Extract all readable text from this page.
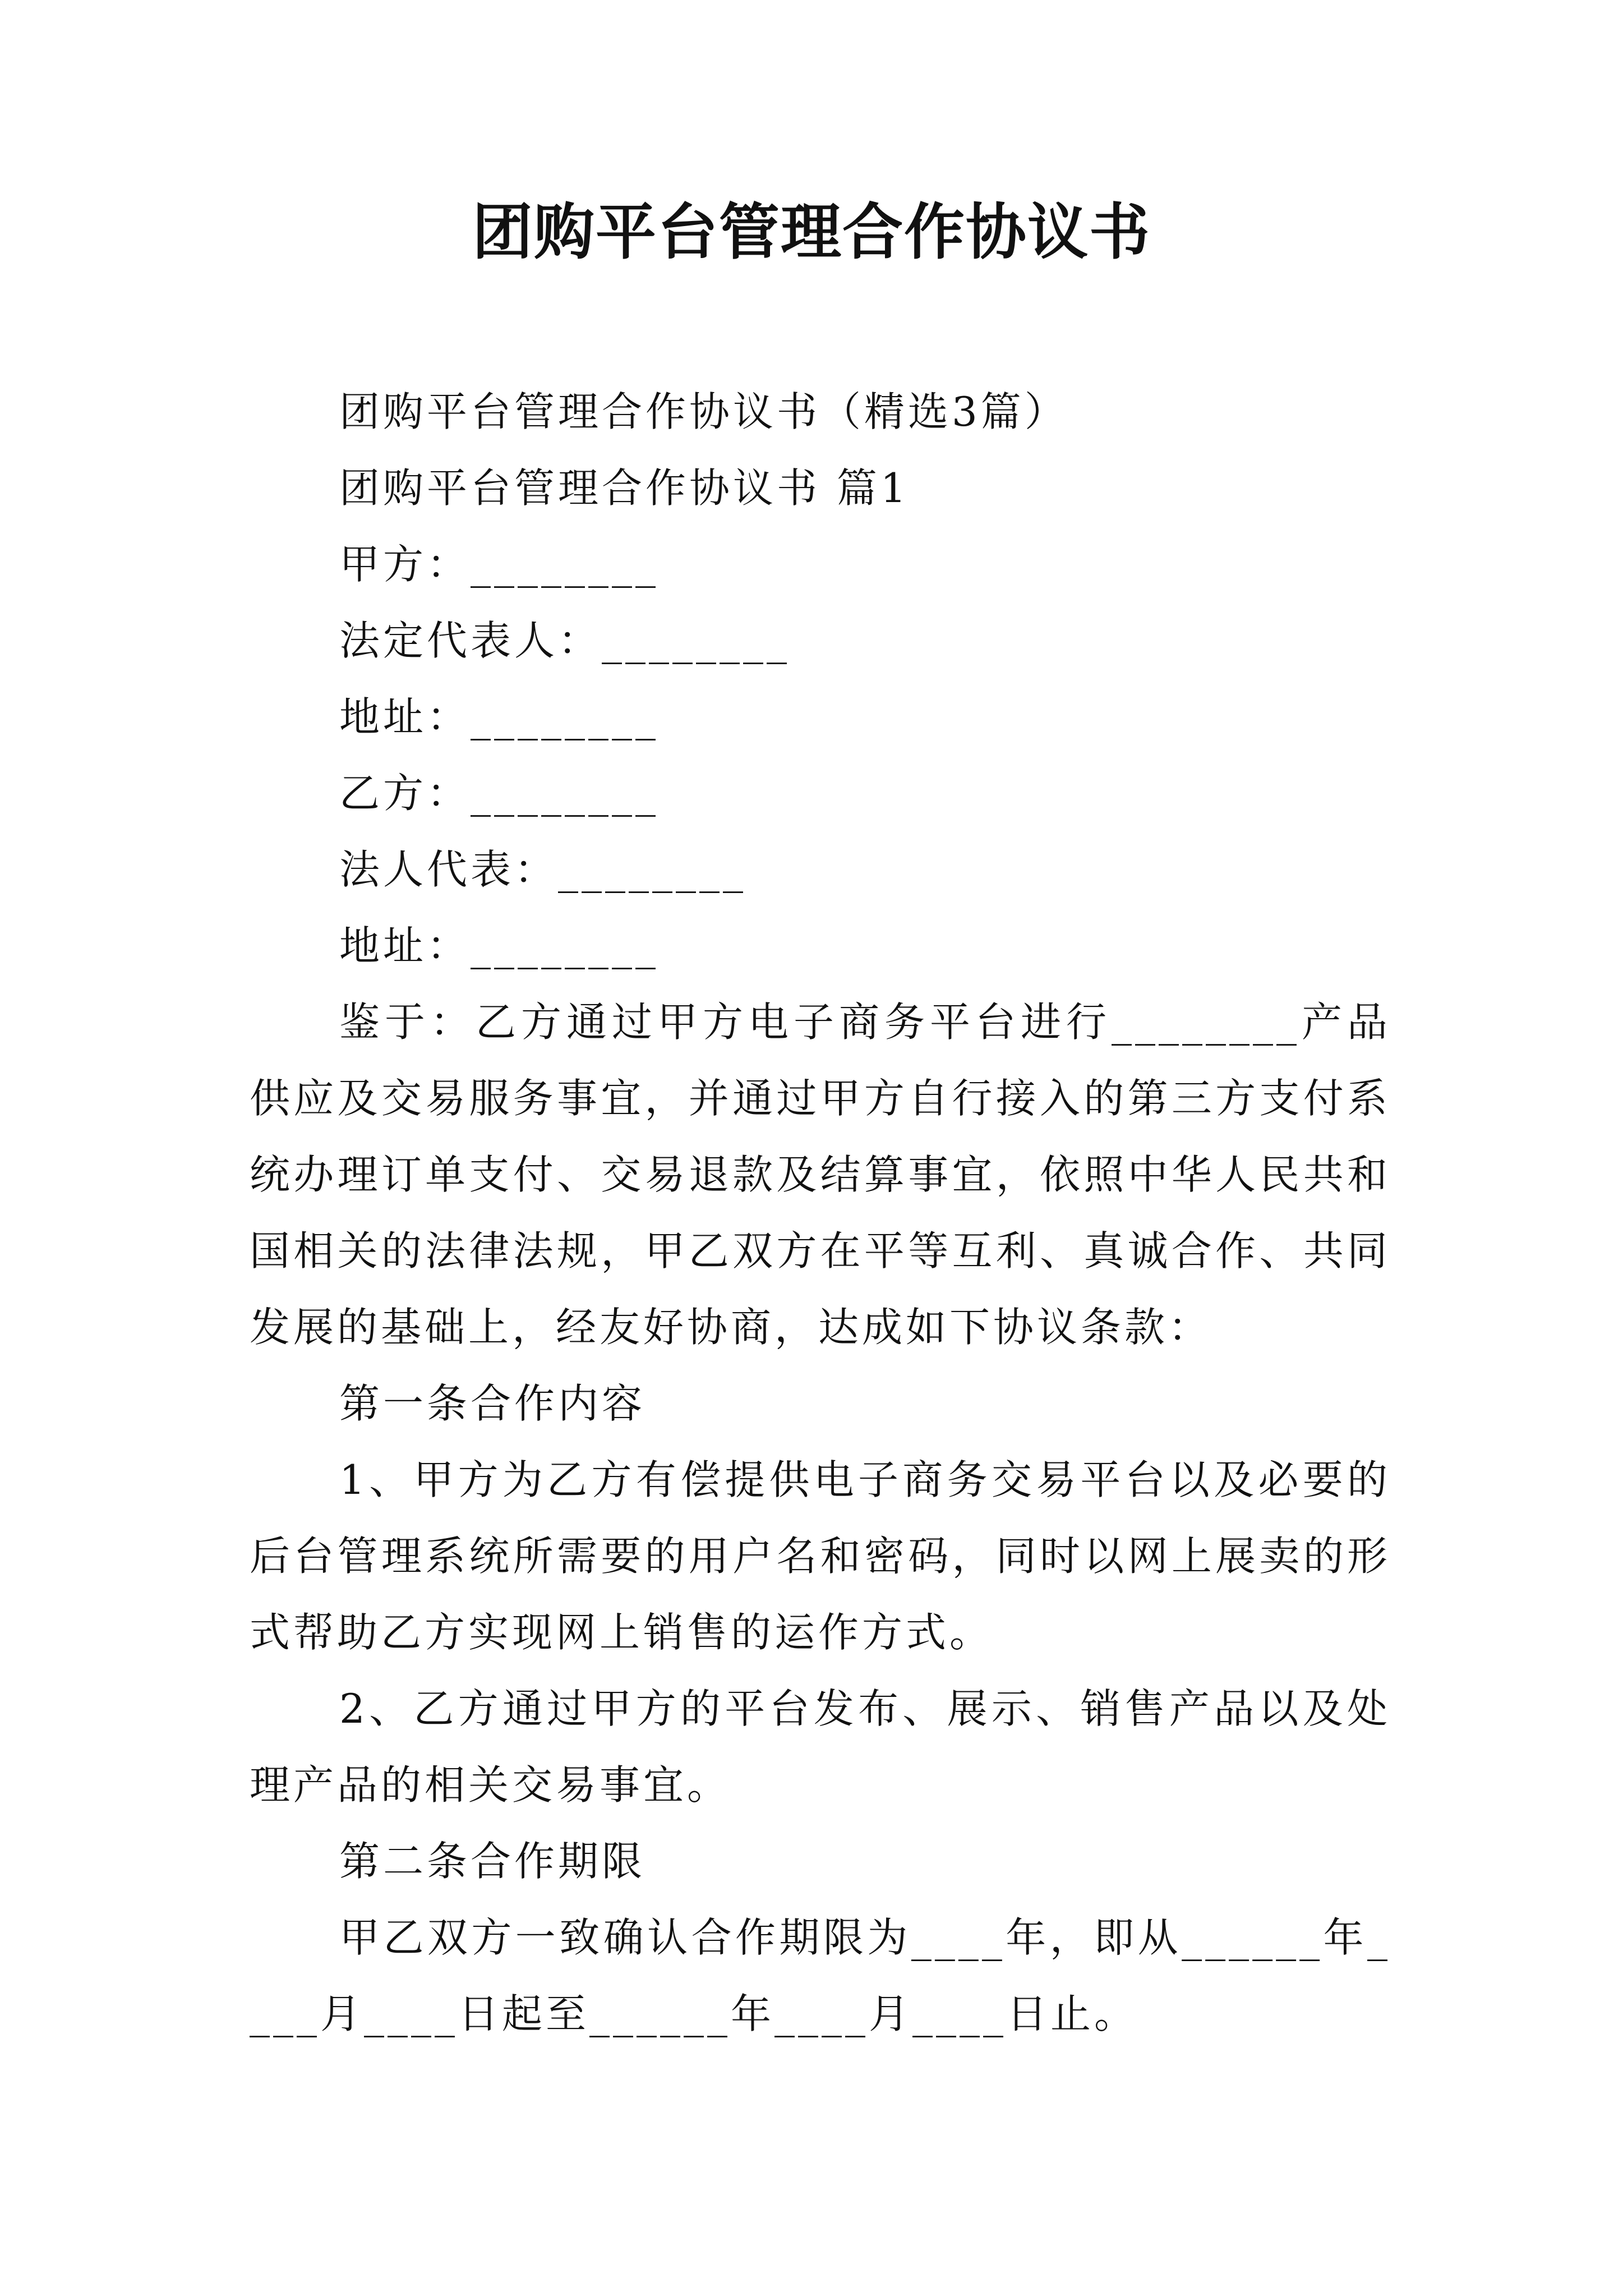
团购平台管理合作协议书

团购平台管理合作协议书（精选3篇）

团购平台管理合作协议书 篇1

甲方：________

法定代表人：________

地址：________

乙方：________

法人代表：________

地址：________

鉴于：乙方通过甲方电子商务平台进行________产品供应及交易服务事宜，并通过甲方自行接入的第三方支付系统办理订单支付、交易退款及结算事宜，依照中华人民共和国相关的法律法规，甲乙双方在平等互利、真诚合作、共同发展的基础上，经友好协商，达成如下协议条款：

第一条合作内容

1、甲方为乙方有偿提供电子商务交易平台以及必要的后台管理系统所需要的用户名和密码，同时以网上展卖的形式帮助乙方实现网上销售的运作方式。

2、乙方通过甲方的平台发布、展示、销售产品以及处理产品的相关交易事宜。

第二条合作期限

甲乙双方一致确认合作期限为____年，即从______年____月____日起至______年____月____日止。
